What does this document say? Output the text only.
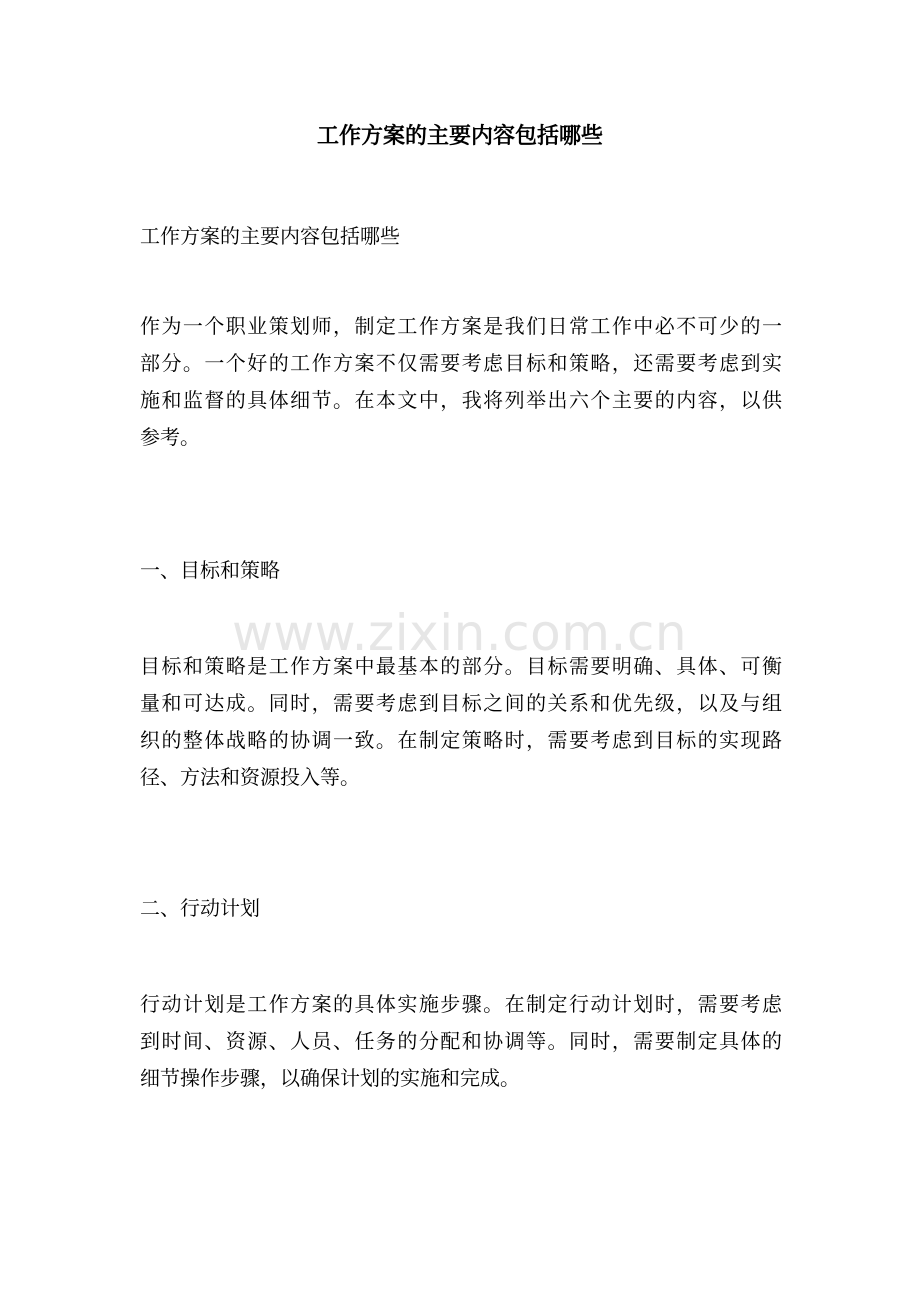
工作方案的主要内容包括哪些

工作方案的主要内容包括哪些

作为一个职业策划师，制定工作方案是我们日常工作中必不可少的一
部分。一个好的工作方案不仅需要考虑目标和策略，还需要考虑到实
施和监督的具体细节。在本文中，我将列举出六个主要的内容，以供
参考。

一、目标和策略

目标和策略是工作方案中最基本的部分。目标需要明确、具体、可衡
量和可达成。同时，需要考虑到目标之间的关系和优先级，以及与组
织的整体战略的协调一致。在制定策略时，需要考虑到目标的实现路
径、方法和资源投入等。

二、行动计划

行动计划是工作方案的具体实施步骤。在制定行动计划时，需要考虑
到时间、资源、人员、任务的分配和协调等。同时，需要制定具体的
细节操作步骤，以确保计划的实施和完成。

www.zixin.com.cn
